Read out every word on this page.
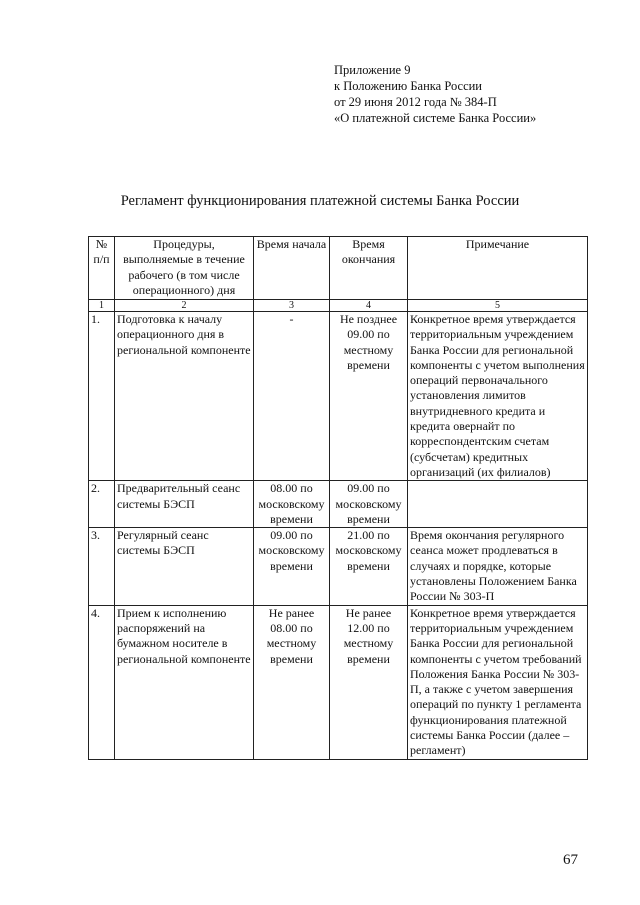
Приложение 9
к Положению Банка России
от 29 июня 2012 года № 384-П
«О платежной системе Банка России»
Регламент функционирования платежной системы Банка России
№ п/п	Процедуры, выполняемые в течение рабочего (в том числе операционного) дня	Время начала	Время окончания	Примечание
1	2	3	4	5
1.	Подготовка к началу операционного дня в региональной компоненте	-	Не позднее 09.00 по местному времени	Конкретное время утверждается территориальным учреждением Банка России для региональной компоненты с учетом выполнения операций первоначального установления лимитов внутридневного кредита и кредита овернайт по корреспондентским счетам (субсчетам) кредитных организаций (их филиалов)
2.	Предварительный сеанс системы БЭСП	08.00 по московскому времени	09.00 по московскому времени	
3.	Регулярный сеанс системы БЭСП	09.00 по московскому времени	21.00 по московскому времени	Время окончания регулярного сеанса может продлеваться в случаях и порядке, которые установлены Положением Банка России № 303-П
4.	Прием к исполнению распоряжений на бумажном носителе в региональной компоненте	Не ранее 08.00 по местному времени	Не ранее 12.00 по местному времени	Конкретное время утверждается территориальным учреждением Банка России для региональной компоненты с учетом требований Положения Банка России № 303-П, а также с учетом завершения операций по пункту 1 регламента функционирования платежной системы Банка России (далее – регламент)
67
